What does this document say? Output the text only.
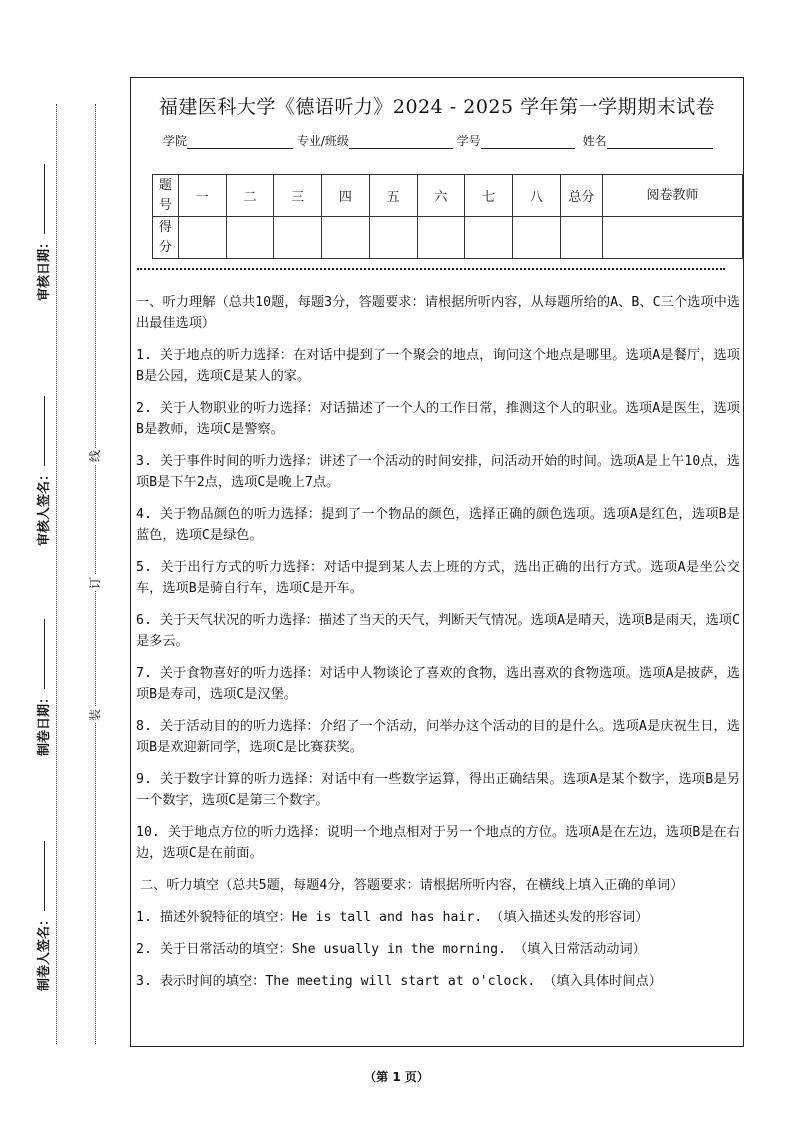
审核日期：
审核人签名：
制卷日期：
制卷人签名：
线
订
装
福建医科大学《德语听力》2024 - 2025 学年第一学期期末试卷
学院	专业/班级	学号	姓名
题号	一	二	三	四	五	六	七	八	总分	阅卷教师
得分										

一、听力理解（总共10题，每题3分，答题要求：请根据所听内容，从每题所给的A、B、C三个选项中选出最佳选项）

1. 关于地点的听力选择：在对话中提到了一个聚会的地点，询问这个地点是哪里。选项A是餐厅，选项B是公园，选项C是某人的家。

2. 关于人物职业的听力选择：对话描述了一个人的工作日常，推测这个人的职业。选项A是医生，选项B是教师，选项C是警察。

3. 关于事件时间的听力选择：讲述了一个活动的时间安排，问活动开始的时间。选项A是上午10点，选项B是下午2点，选项C是晚上7点。

4. 关于物品颜色的听力选择：提到了一个物品的颜色，选择正确的颜色选项。选项A是红色，选项B是蓝色，选项C是绿色。

5. 关于出行方式的听力选择：对话中提到某人去上班的方式，选出正确的出行方式。选项A是坐公交车，选项B是骑自行车，选项C是开车。

6. 关于天气状况的听力选择：描述了当天的天气，判断天气情况。选项A是晴天，选项B是雨天，选项C是多云。

7. 关于食物喜好的听力选择：对话中人物谈论了喜欢的食物，选出喜欢的食物选项。选项A是披萨，选项B是寿司，选项C是汉堡。

8. 关于活动目的的听力选择：介绍了一个活动，问举办这个活动的目的是什么。选项A是庆祝生日，选项B是欢迎新同学，选项C是比赛获奖。

9. 关于数字计算的听力选择：对话中有一些数字运算，得出正确结果。选项A是某个数字，选项B是另一个数字，选项C是第三个数字。

10. 关于地点方位的听力选择：说明一个地点相对于另一个地点的方位。选项A是在左边，选项B是在右边，选项C是在前面。

二、听力填空（总共5题，每题4分，答题要求：请根据所听内容，在横线上填入正确的单词）

1. 描述外貌特征的填空：He is tall and has hair. （填入描述头发的形容词）

2. 关于日常活动的填空：She usually in the morning. （填入日常活动动词）

3. 表示时间的填空：The meeting will start at o'clock. （填入具体时间点）

（第 1 页）
